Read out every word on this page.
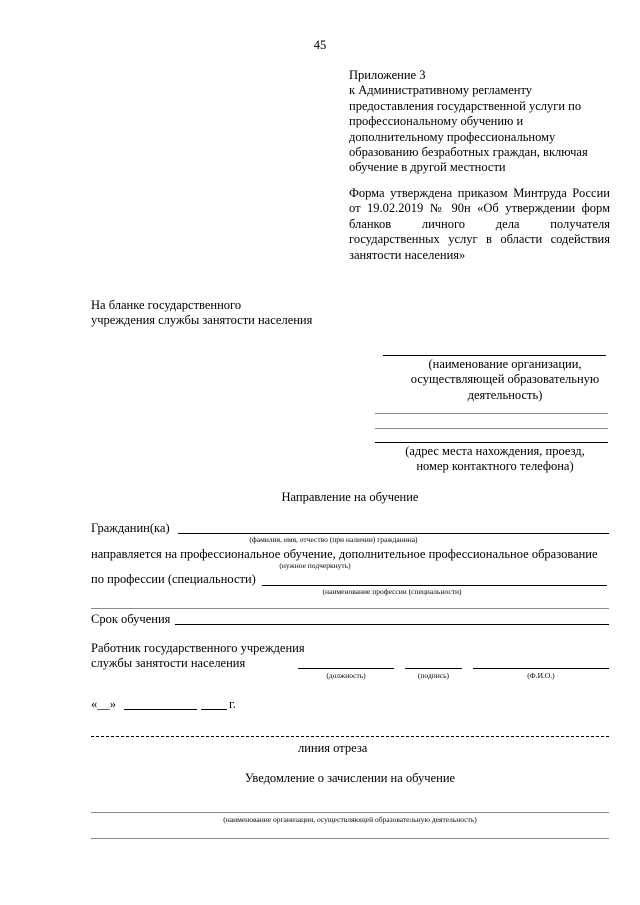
45
Приложение 3
к Административному регламенту
предоставления государственной услуги по
профессиональному обучению и
дополнительному профессиональному
образованию безработных граждан, включая
обучение в другой местности
Форма утверждена приказом Минтруда России
от 19.02.2019 № 90н «Об утверждении форм
бланков личного дела получателя
государственных услуг в области содействия
занятости населения»
На бланке государственного
учреждения службы занятости населения
(наименование организации,
осуществляющей образовательную
деятельность)
(адрес места нахождения, проезд,
номер контактного телефона)
Направление на обучение
Гражданин(ка)
(фамилия, имя, отчество (при наличии) гражданина)
направляется на профессиональное обучение, дополнительное профессиональное образование
(нужное подчеркнуть)
по профессии (специальности)
(наименование профессии (специальности)
Срок обучения
Работник государственного учреждения
службы занятости населения
(должность)	(подпись)	(Ф.И.О.)
«__»	г.
линия отреза
Уведомление о зачислении на обучение
(наименование организации, осуществляющей образовательную деятельность)
